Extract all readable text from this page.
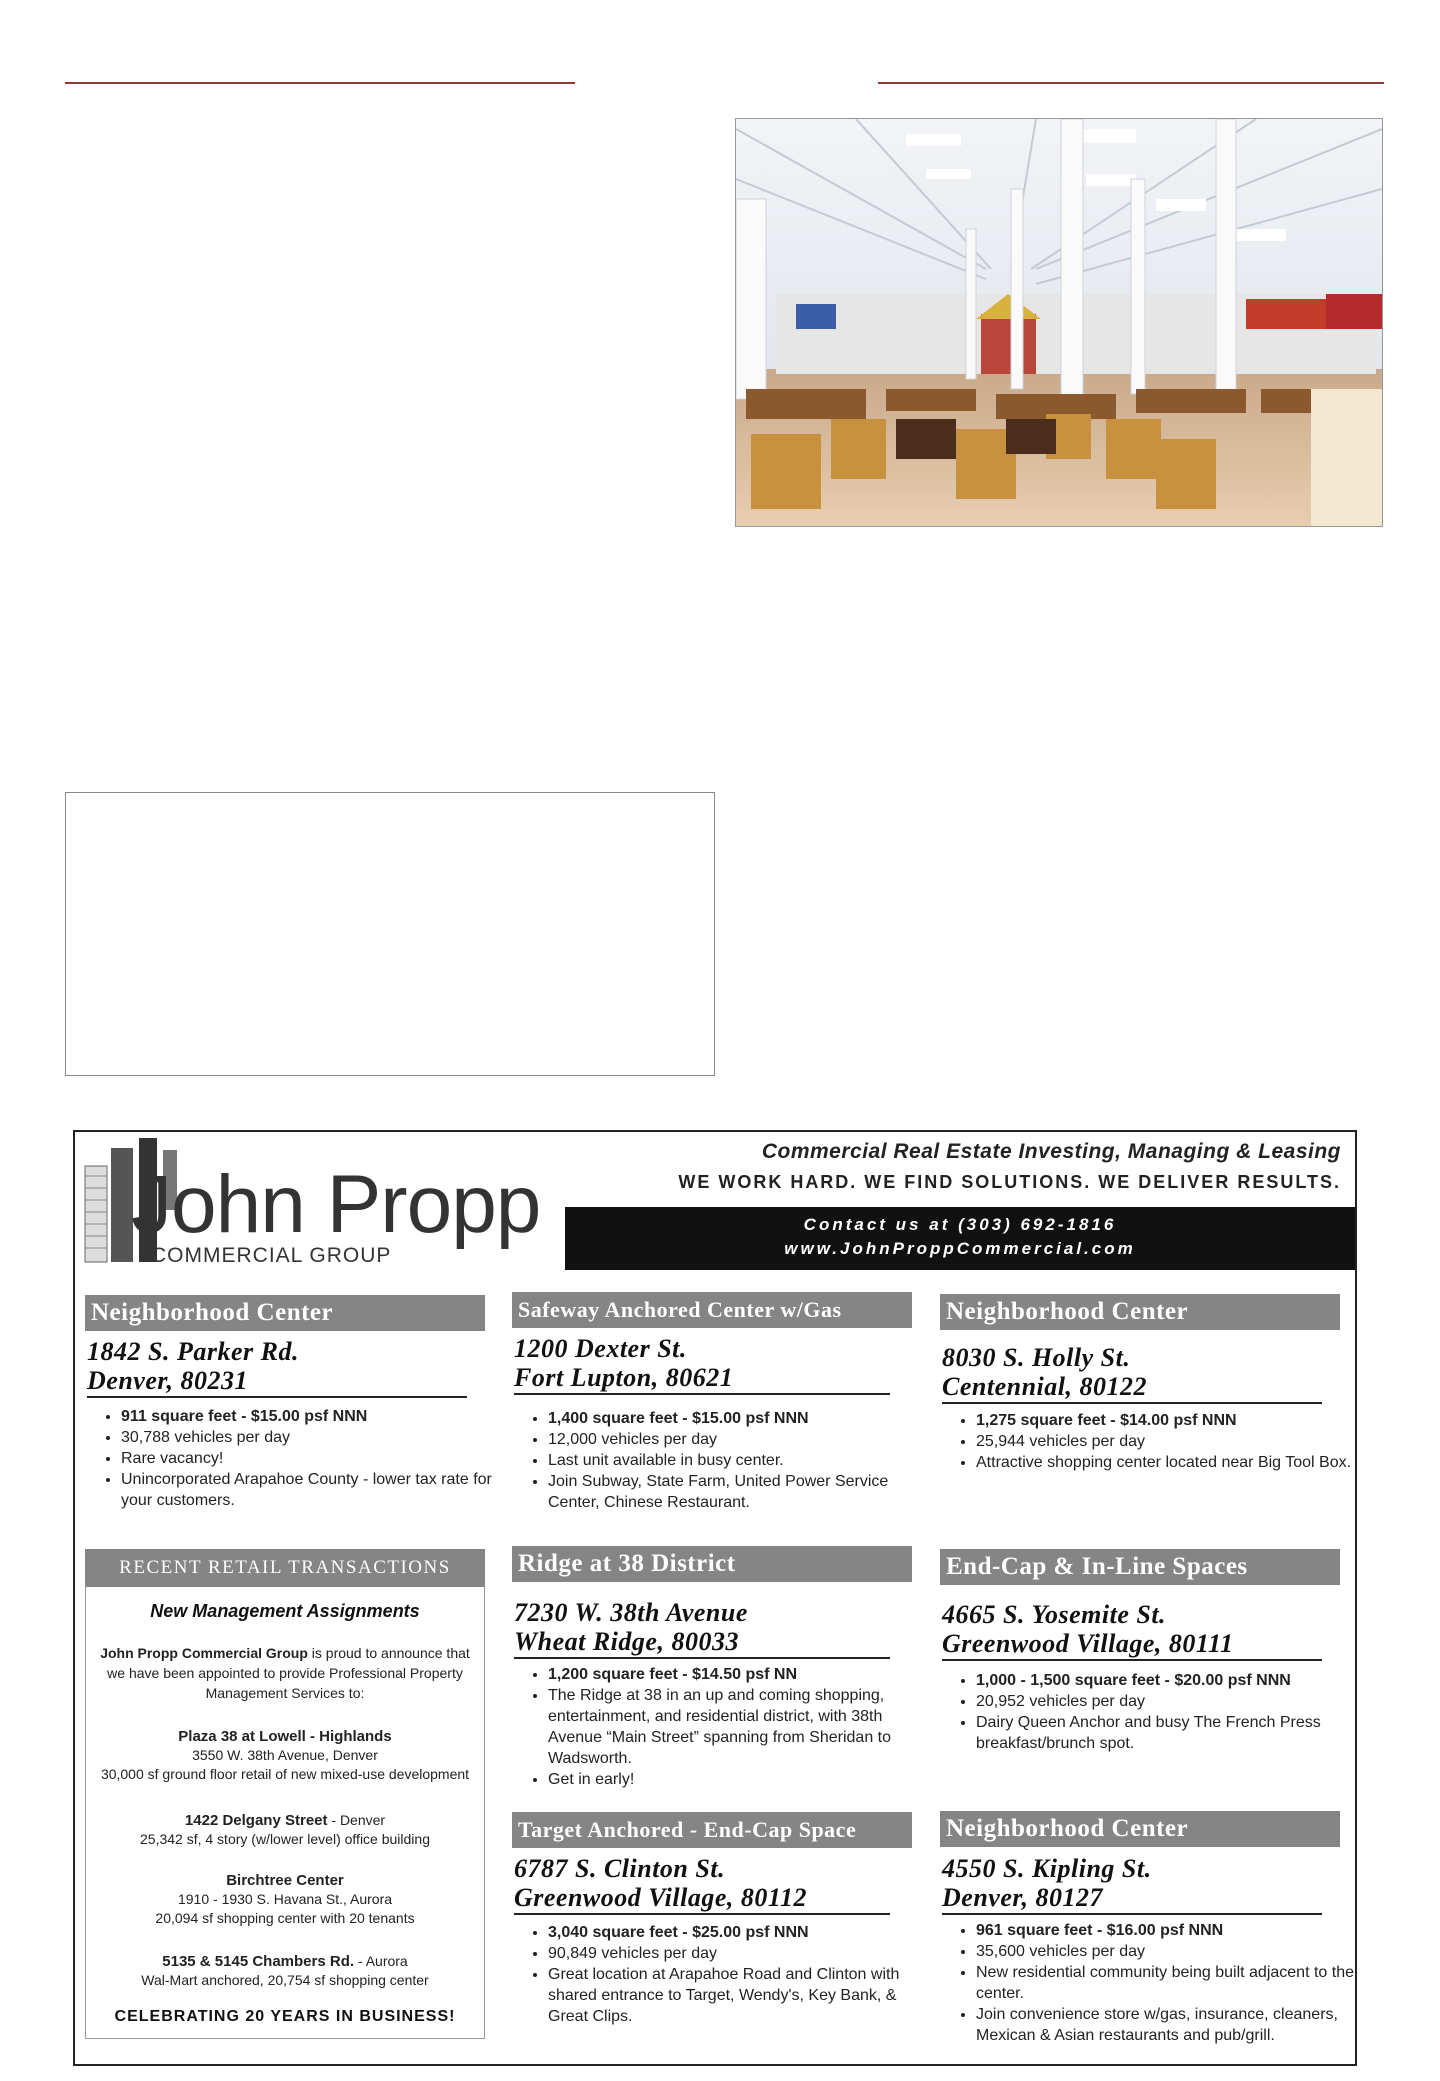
John Propp
COMMERCIAL GROUP
Commercial Real Estate Investing, Managing & Leasing
WE WORK HARD. WE FIND SOLUTIONS. WE DELIVER RESULTS.
Contact us at (303) 692-1816
www.JohnProppCommercial.com
Neighborhood Center
1842 S. Parker Rd.
Denver, 80231
• 911 square feet - $15.00 psf NNN
• 30,788 vehicles per day
• Rare vacancy!
• Unincorporated Arapahoe County - lower tax rate for your customers.
Safeway Anchored Center w/Gas
1200 Dexter St.
Fort Lupton, 80621
• 1,400 square feet - $15.00 psf NNN
• 12,000 vehicles per day
• Last unit available in busy center.
• Join Subway, State Farm, United Power Service Center, Chinese Restaurant.
Neighborhood Center
8030 S. Holly St.
Centennial, 80122
• 1,275 square feet - $14.00 psf NNN
• 25,944 vehicles per day
• Attractive shopping center located near Big Tool Box.
RECENT RETAIL TRANSACTIONS
New Management Assignments
John Propp Commercial Group is proud to announce that we have been appointed to provide Professional Property Management Services to:
Plaza 38 at Lowell - Highlands
3550 W. 38th Avenue, Denver
30,000 sf ground floor retail of new mixed-use development
1422 Delgany Street - Denver
25,342 sf, 4 story (w/lower level) office building
Birchtree Center
1910 - 1930 S. Havana St., Aurora
20,094 sf shopping center with 20 tenants
5135 & 5145 Chambers Rd. - Aurora
Wal-Mart anchored, 20,754 sf shopping center
CELEBRATING 20 YEARS IN BUSINESS!
Ridge at 38 District
7230 W. 38th Avenue
Wheat Ridge, 80033
• 1,200 square feet - $14.50 psf NN
• The Ridge at 38 in an up and coming shopping, entertainment, and residential district, with 38th Avenue “Main Street” spanning from Sheridan to Wadsworth.
• Get in early!
End-Cap & In-Line Spaces
4665 S. Yosemite St.
Greenwood Village, 80111
• 1,000 - 1,500 square feet - $20.00 psf NNN
• 20,952 vehicles per day
• Dairy Queen Anchor and busy The French Press breakfast/brunch spot.
Target Anchored - End-Cap Space
6787 S. Clinton St.
Greenwood Village, 80112
• 3,040 square feet - $25.00 psf NNN
• 90,849 vehicles per day
• Great location at Arapahoe Road and Clinton with shared entrance to Target, Wendy's, Key Bank, & Great Clips.
Neighborhood Center
4550 S. Kipling St.
Denver, 80127
• 961 square feet - $16.00 psf NNN
• 35,600 vehicles per day
• New residential community being built adjacent to the center.
• Join convenience store w/gas, insurance, cleaners, Mexican & Asian restaurants and pub/grill.
